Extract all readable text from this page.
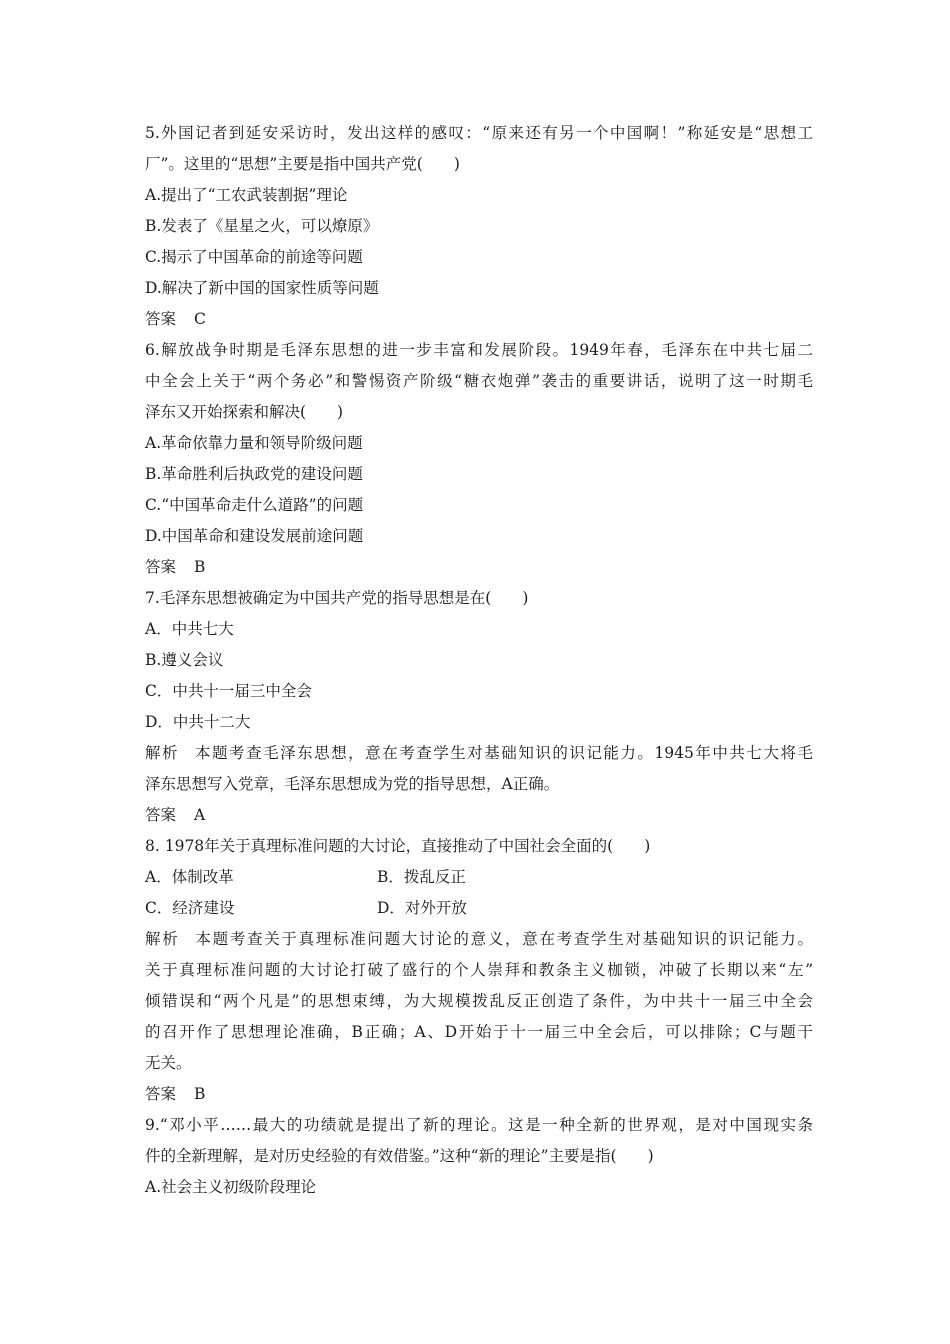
5.外国记者到延安采访时，发出这样的感叹：“原来还有另一个中国啊！”称延安是“思想工
厂”。这里的“思想”主要是指中国共产党(　　)
A.提出了“工农武装割据”理论
B.发表了《星星之火，可以燎原》
C.揭示了中国革命的前途等问题
D.解决了新中国的国家性质等问题
答案 C
6.解放战争时期是毛泽东思想的进一步丰富和发展阶段。1949年春，毛泽东在中共七届二
中全会上关于“两个务必”和警惕资产阶级“糖衣炮弹”袭击的重要讲话，说明了这一时期毛
泽东又开始探索和解决(　　)
A.革命依靠力量和领导阶级问题
B.革命胜利后执政党的建设问题
C.“中国革命走什么道路”的问题
D.中国革命和建设发展前途问题
答案 B
7.毛泽东思想被确定为中国共产党的指导思想是在(　　)
A．中共七大
B.遵义会议
C．中共十一届三中全会
D．中共十二大
解析 本题考查毛泽东思想，意在考查学生对基础知识的识记能力。1945年中共七大将毛
泽东思想写入党章，毛泽东思想成为党的指导思想，A正确。
答案 A
8. 1978年关于真理标准问题的大讨论，直接推动了中国社会全面的(　　)
A．体制改革	B．拨乱反正
C．经济建设	D．对外开放
解析 本题考查关于真理标准问题大讨论的意义，意在考查学生对基础知识的识记能力。
关于真理标准问题的大讨论打破了盛行的个人崇拜和教条主义枷锁，冲破了长期以来“左”
倾错误和“两个凡是”的思想束缚，为大规模拨乱反正创造了条件，为中共十一届三中全会
的召开作了思想理论准确，B正确；A、D开始于十一届三中全会后，可以排除；C与题干
无关。
答案 B
9.“邓小平……最大的功绩就是提出了新的理论。这是一种全新的世界观，是对中国现实条
件的全新理解，是对历史经验的有效借鉴。”这种“新的理论”主要是指(　　)
A.社会主义初级阶段理论
